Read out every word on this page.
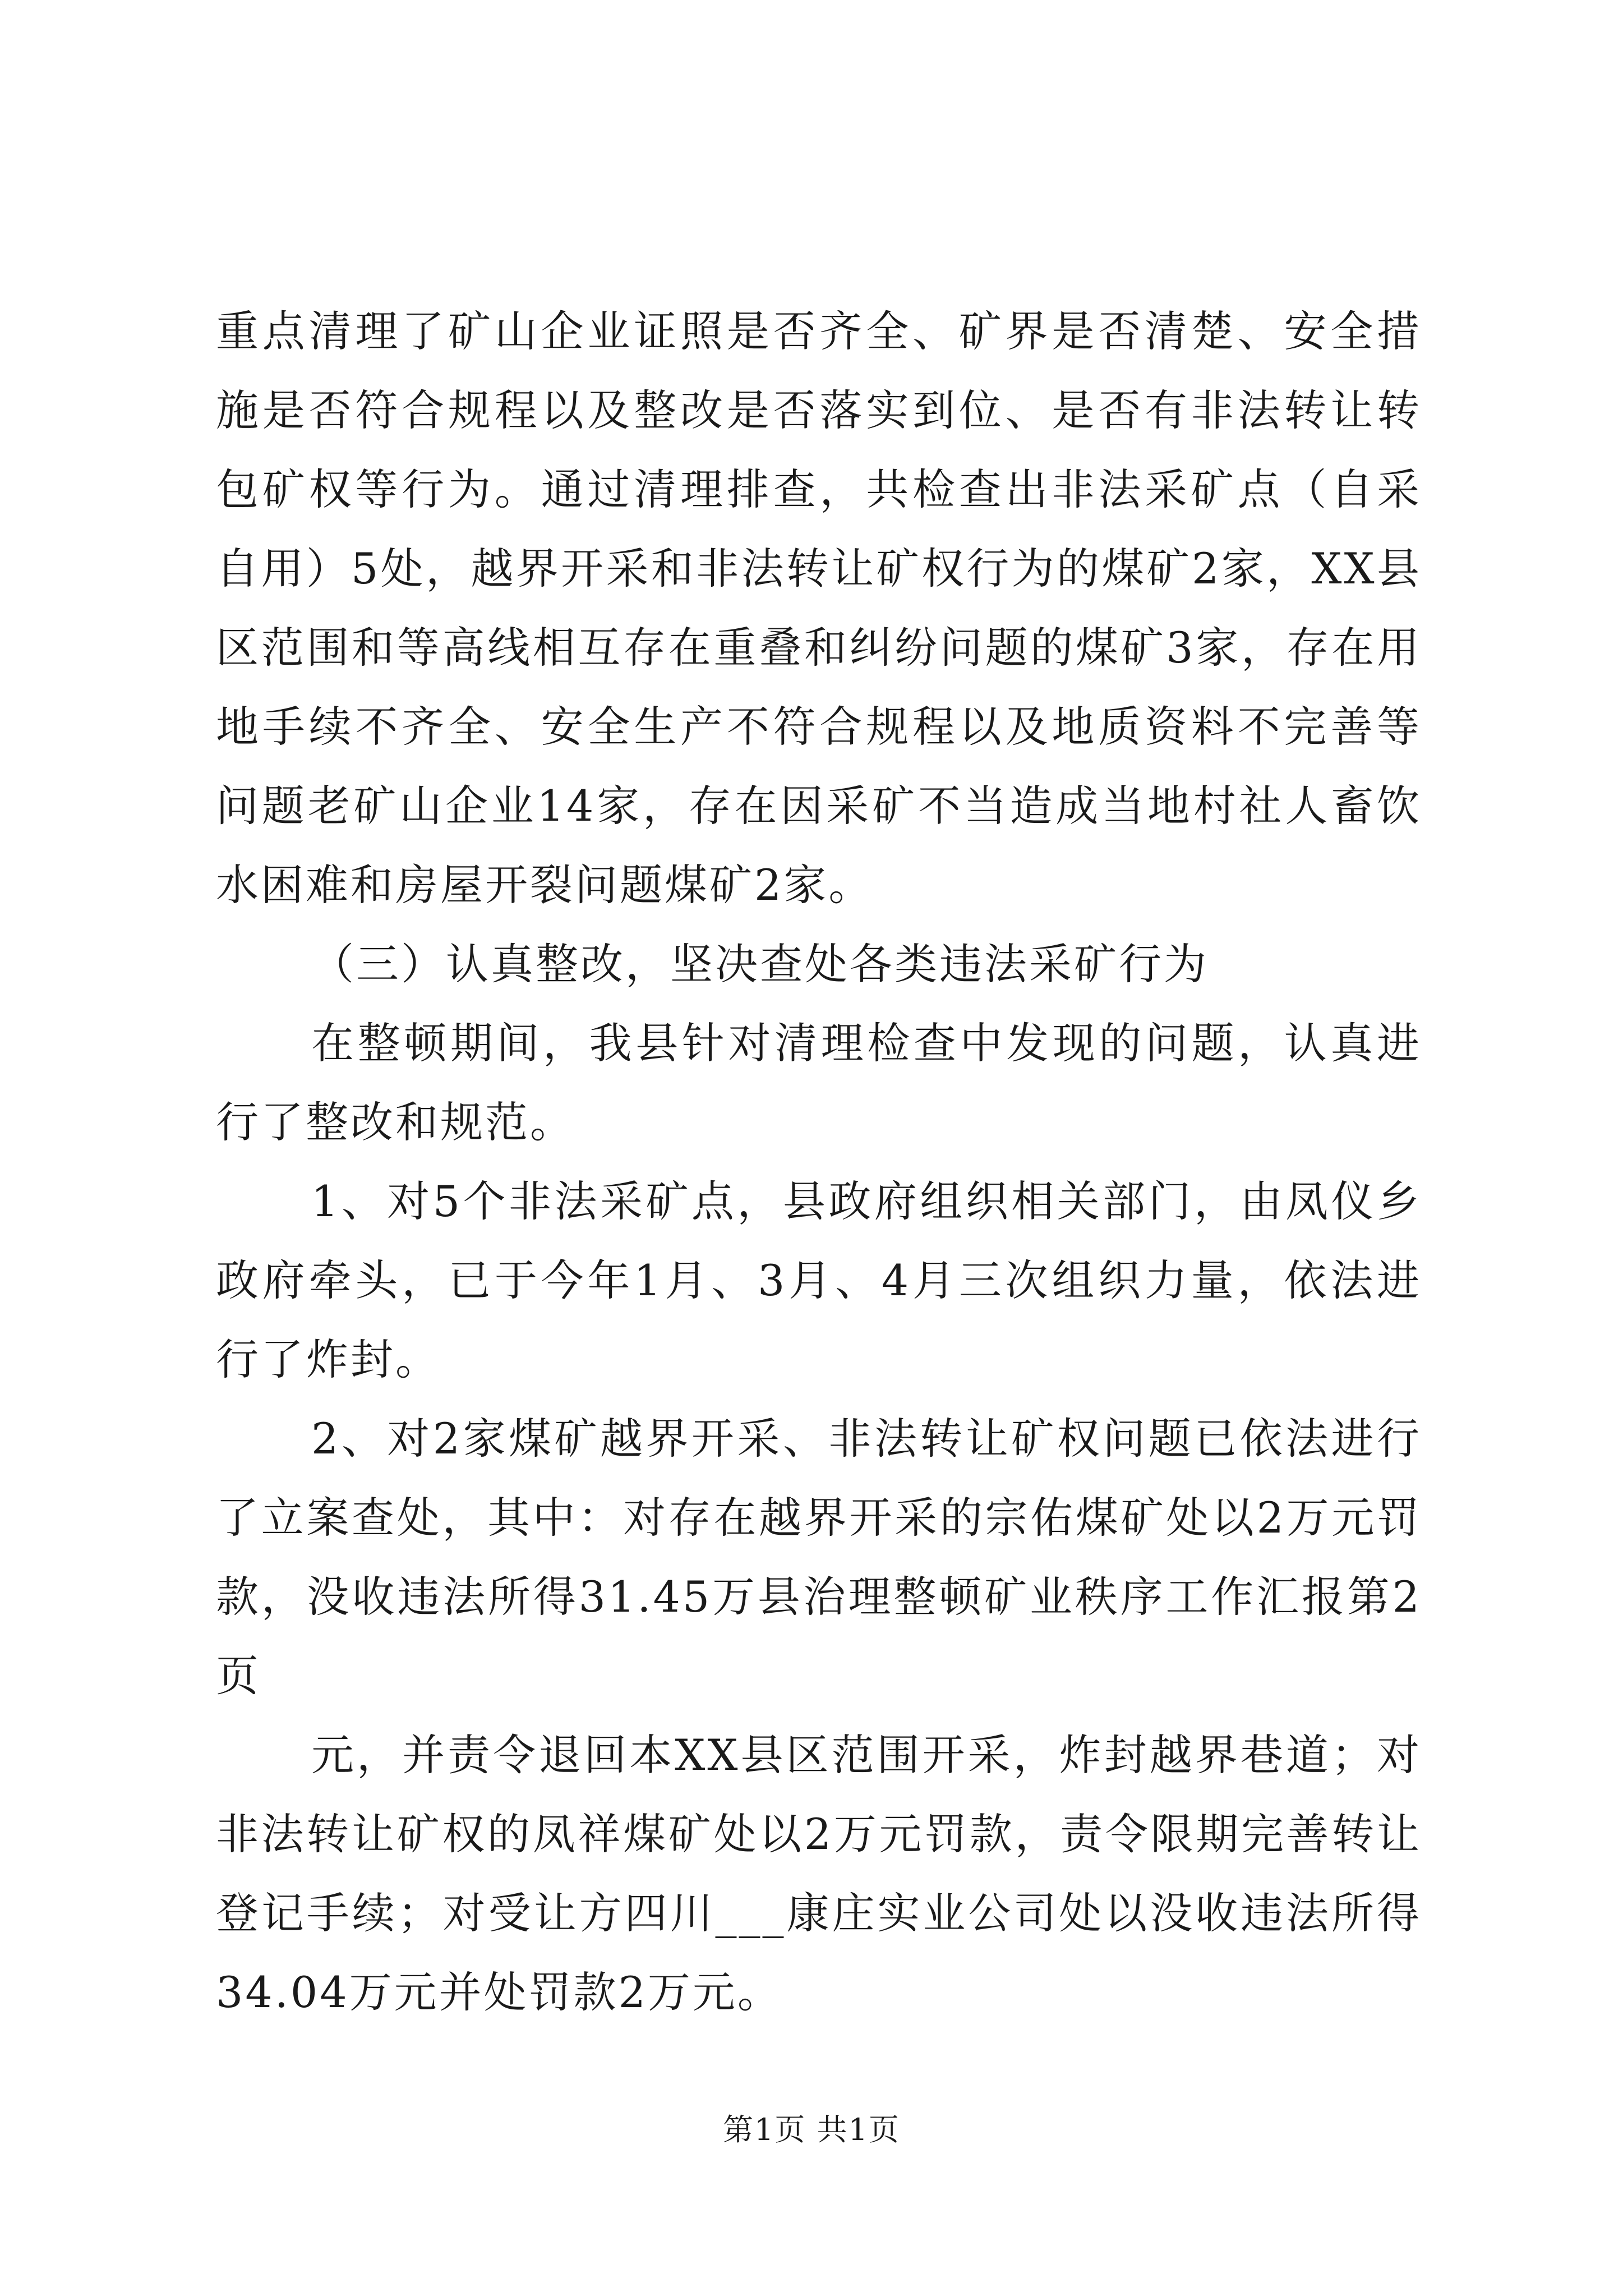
重点清理了矿山企业证照是否齐全、矿界是否清楚、安全措施是否符合规程以及整改是否落实到位、是否有非法转让转包矿权等行为。通过清理排查，共检查出非法采矿点（自采自用）5处，越界开采和非法转让矿权行为的煤矿2家，XX县区范围和等高线相互存在重叠和纠纷问题的煤矿3家，存在用地手续不齐全、安全生产不符合规程以及地质资料不完善等问题老矿山企业14家，存在因采矿不当造成当地村社人畜饮水困难和房屋开裂问题煤矿2家。

（三）认真整改，坚决查处各类违法采矿行为

在整顿期间，我县针对清理检查中发现的问题，认真进行了整改和规范。

1、对5个非法采矿点，县政府组织相关部门，由凤仪乡政府牵头，已于今年1月、3月、4月三次组织力量，依法进行了炸封。

2、对2家煤矿越界开采、非法转让矿权问题已依法进行了立案查处，其中：对存在越界开采的宗佑煤矿处以2万元罚款，没收违法所得31.45万县治理整顿矿业秩序工作汇报第2页

元，并责令退回本XX县区范围开采，炸封越界巷道；对非法转让矿权的凤祥煤矿处以2万元罚款，责令限期完善转让登记手续；对受让方四川___康庄实业公司处以没收违法所得34.04万元并处罚款2万元。

第1页 共1页
